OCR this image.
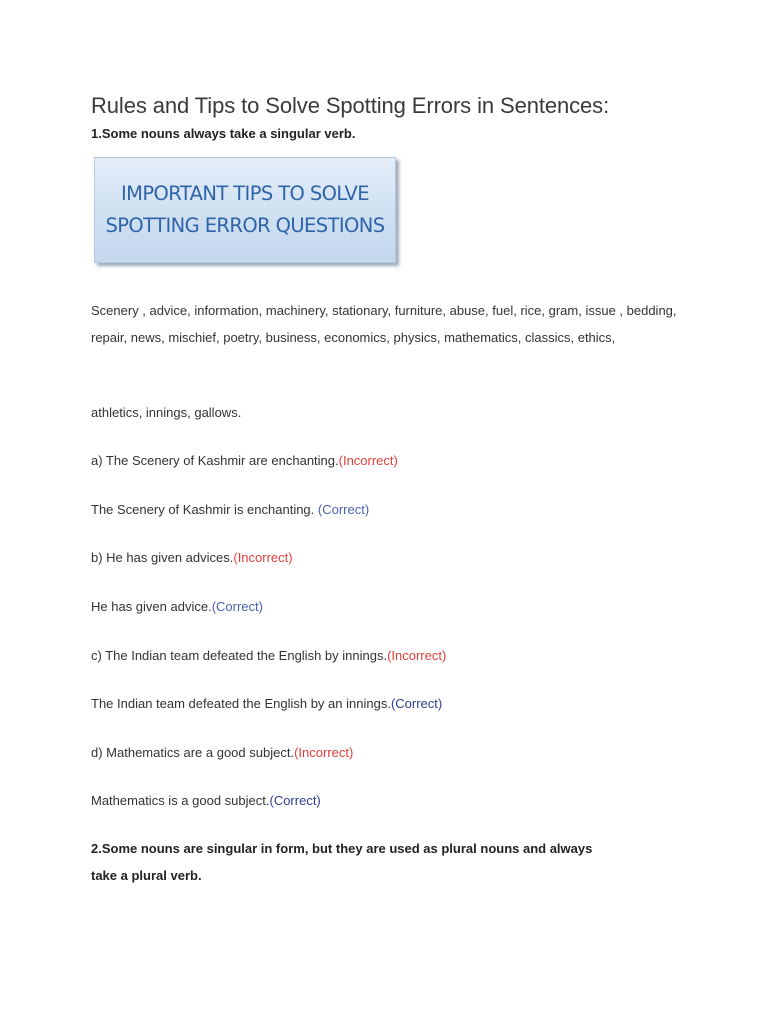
Rules and Tips to Solve Spotting Errors in Sentences:
1.Some nouns always take a singular verb.
IMPORTANT TIPS TO SOLVE
SPOTTING ERROR QUESTIONS
Scenery , advice, information, machinery, stationary, furniture, abuse, fuel, rice, gram, issue , bedding, repair, news, mischief, poetry, business, economics, physics, mathematics, classics, ethics,
athletics, innings, gallows.
a) The Scenery of Kashmir are enchanting.(Incorrect)
The Scenery of Kashmir is enchanting. (Correct)
b) He has given advices.(Incorrect)
He has given advice.(Correct)
c) The Indian team defeated the English by innings.(Incorrect)
The Indian team defeated the English by an innings.(Correct)
d) Mathematics are a good subject.(Incorrect)
Mathematics is a good subject.(Correct)
2.Some nouns are singular in form, but they are used as plural nouns and always
take a plural verb.
